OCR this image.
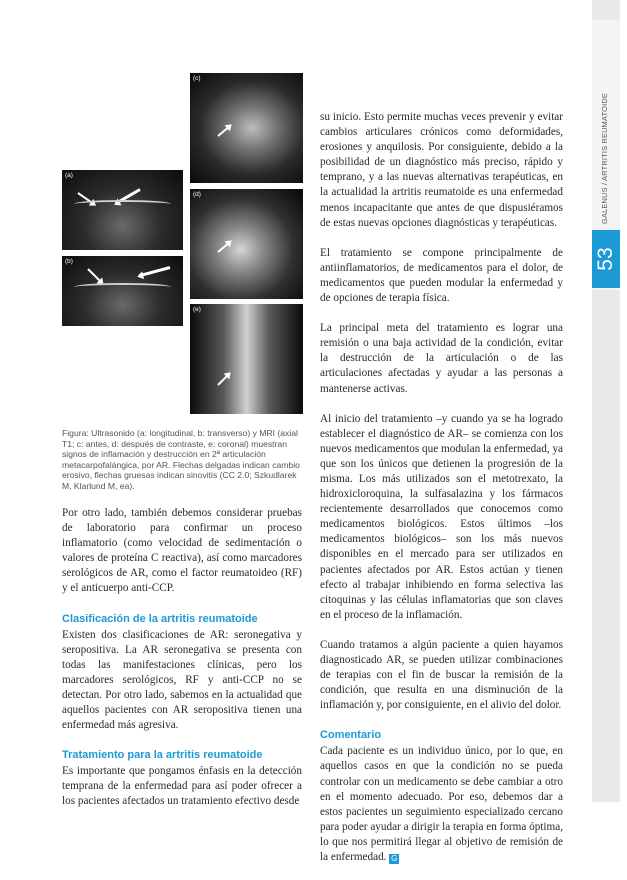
53
GALENUS / ARTRITIS REUMATOIDE
(a)
(b)
(c)
(d)
(e)
Figura: Ultrasonido (a: longitudinal, b: transverso) y MRI (axial T1; c: antes, d: después de contraste, e: coronal) muestran signos de inflamación y destrucción en 2ª articulación metacarpofalángica, por AR. Flechas delgadas indican cambio erosivo, flechas gruesas indican sinovitis (CC 2.0; Szkudlarek M, Klarlund M, ea).

Por otro lado, también debemos considerar pruebas de laboratorio para confirmar un proceso inflamatorio (como velocidad de sedimentación o valores de proteína C reactiva), así como marcadores serológicos de AR, como el factor reumatoideo (RF) y el anticuerpo anti-CCP.

Clasificación de la artritis reumatoide

Existen dos clasificaciones de AR: seronegativa y seropositiva. La AR seronegativa se presenta con todas las manifestaciones clínicas, pero los marcadores serológicos, RF y anti-CCP no se detectan. Por otro lado, sabemos en la actualidad que aquellos pacientes con AR seropositiva tienen una enfermedad más agresiva.

Tratamiento para la artritis reumatoide

Es importante que pongamos énfasis en la detección temprana de la enfermedad para así poder ofrecer a los pacientes afectados un tratamiento efectivo desde

su inicio. Esto permite muchas veces prevenir y evitar cambios articulares crónicos como deformidades, erosiones y anquilosis. Por consiguiente, debido a la posibilidad de un diagnóstico más preciso, rápido y temprano, y a las nuevas alternativas terapéuticas, en la actualidad la artritis reumatoide es una enfermedad menos incapacitante que antes de que dispusiéramos de estas nuevas opciones diagnósticas y terapéuticas.

El tratamiento se compone principalmente de antiinflamatorios, de medicamentos para el dolor, de medicamentos que pueden modular la enfermedad y de opciones de terapia física.

La principal meta del tratamiento es lograr una remisión o una baja actividad de la condición, evitar la destrucción de la articulación o de las articulaciones afectadas y ayudar a las personas a mantenerse activas.

Al inicio del tratamiento –y cuando ya se ha logrado establecer el diagnóstico de AR– se comienza con los nuevos medicamentos que modulan la enfermedad, ya que son los únicos que detienen la progresión de la misma. Los más utilizados son el metotrexato, la hidroxicloroquina, la sulfasalazina y los fármacos recientemente desarrollados que conocemos como medicamentos biológicos. Estos últimos –los medicamentos biológicos– son los más nuevos disponibles en el mercado para ser utilizados en pacientes afectados por AR. Estos actúan y tienen efecto al trabajar inhibiendo en forma selectiva las citoquinas y las células inflamatorias que son claves en el proceso de la inflamación.

Cuando tratamos a algún paciente a quien hayamos diagnosticado AR, se pueden utilizar combinaciones de terapias con el fin de buscar la remisión de la condición, que resulta en una disminución de la inflamación y, por consiguiente, en el alivio del dolor.

Comentario

Cada paciente es un individuo único, por lo que, en aquellos casos en que la condición no se pueda controlar con un medicamento se debe cambiar a otro en el momento adecuado. Por eso, debemos dar a estos pacientes un seguimiento especializado cercano para poder ayudar a dirigir la terapia en forma óptima, lo que nos permitirá llegar al objetivo de remisión de la enfermedad. G
